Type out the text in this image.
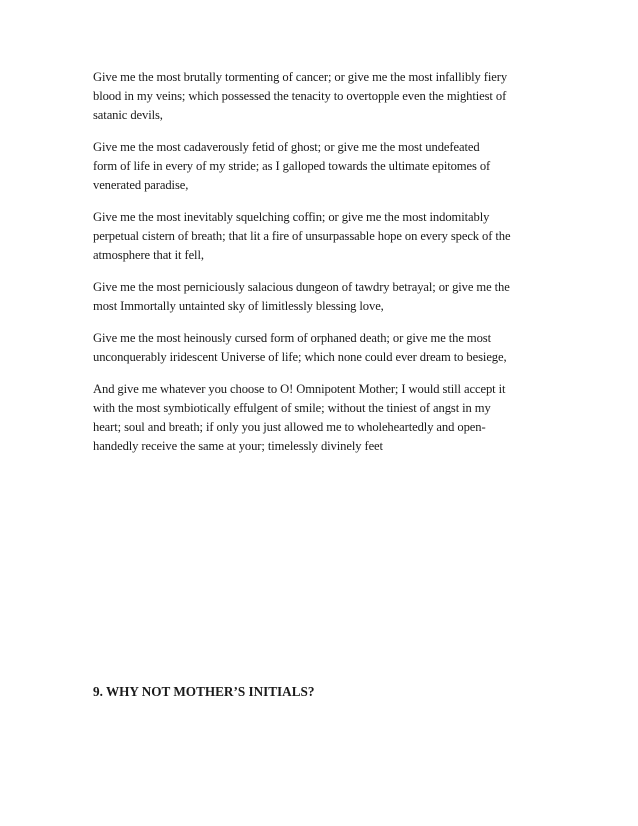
Give me the most brutally tormenting of cancer; or give me the most infallibly fiery
blood in my veins; which possessed the tenacity to overtopple even the mightiest of
satanic devils,

Give me the most cadaverously fetid of ghost; or give me the most undefeated
form of life in every of my stride; as I galloped towards the ultimate epitomes of
venerated paradise,

Give me the most inevitably squelching coffin; or give me the most indomitably
perpetual cistern of breath; that lit a fire of unsurpassable hope on every speck of the
atmosphere that it fell,

Give me the most perniciously salacious dungeon of tawdry betrayal; or give me the
most Immortally untainted sky of limitlessly blessing love,

Give me the most heinously cursed form of orphaned death; or give me the most
unconquerably iridescent Universe of life; which none could ever dream to besiege,

And give me whatever you choose to O! Omnipotent Mother; I would still accept it
with the most symbiotically effulgent of smile; without the tiniest of angst in my
heart; soul and breath; if only you just allowed me to wholeheartedly and open-
handedly receive the same at your; timelessly divinely feet

9. WHY NOT MOTHER’S INITIALS?
